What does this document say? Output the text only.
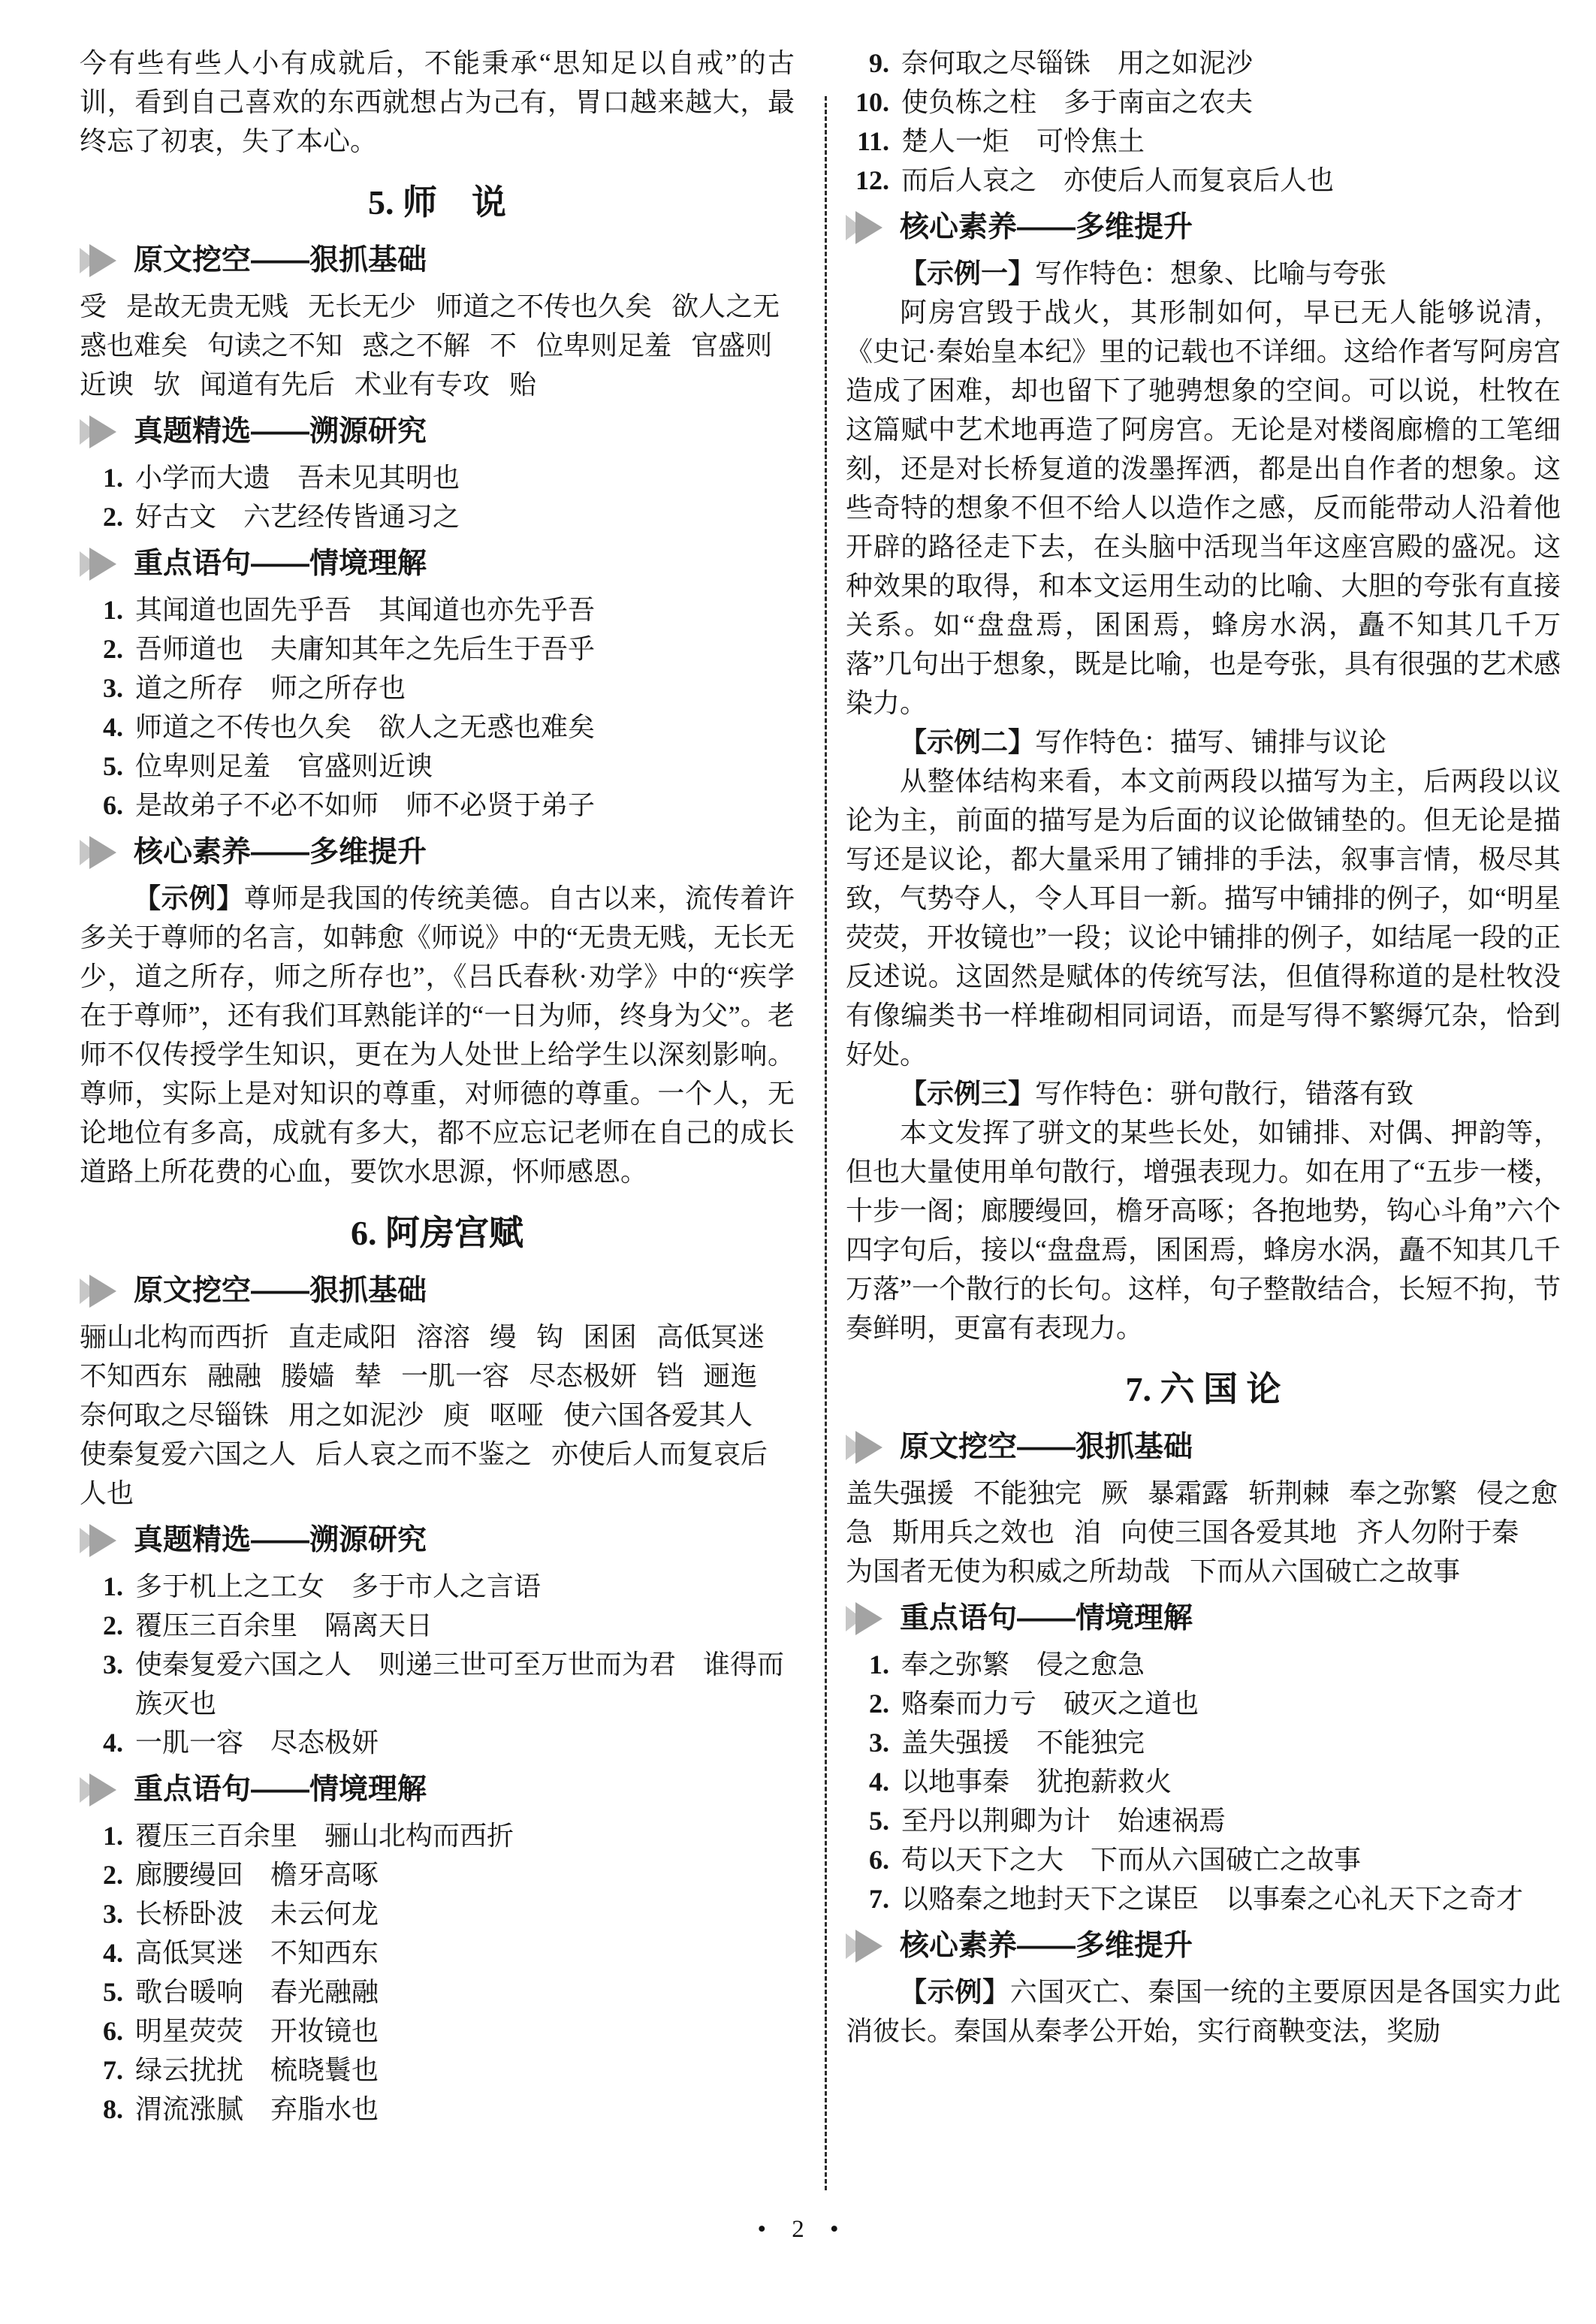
今有些有些人小有成就后，不能秉承“思知足以自戒”的古训，看到自己喜欢的东西就想占为己有，胃口越来越大，最终忘了初衷，失了本心。

5. 师　说

原文挖空——狠抓基础

受 是故无贵无贱 无长无少 师道之不传也久矣 欲人之无惑也难矣 句读之不知 惑之不解 不 位卑则足羞 官盛则近谀 欤 闻道有先后 术业有专攻 贻

真题精选——溯源研究
1. 小学而大遗　吾未见其明也
2. 好古文　六艺经传皆通习之
重点语句——情境理解
1. 其闻道也固先乎吾　其闻道也亦先乎吾
2. 吾师道也　夫庸知其年之先后生于吾乎
3. 道之所存　师之所存也
4. 师道之不传也久矣　欲人之无惑也难矣
5. 位卑则足羞　官盛则近谀
6. 是故弟子不必不如师　师不必贤于弟子
核心素养——多维提升

【示例】尊师是我国的传统美德。自古以来，流传着许多关于尊师的名言，如韩愈《师说》中的“无贵无贱，无长无少，道之所存，师之所存也”，《吕氏春秋·劝学》中的“疾学在于尊师”，还有我们耳熟能详的“一日为师，终身为父”。老师不仅传授学生知识，更在为人处世上给学生以深刻影响。尊师，实际上是对知识的尊重，对师德的尊重。一个人，无论地位有多高，成就有多大，都不应忘记老师在自己的成长道路上所花费的心血，要饮水思源，怀师感恩。

6. 阿房宫赋

原文挖空——狠抓基础

骊山北构而西折 直走咸阳 溶溶 缦 钩 囷囷 高低冥迷不知西东 融融 媵嫱 辇 一肌一容 尽态极妍 铛 逦迤奈何取之尽锱铢 用之如泥沙 庾 呕哑 使六国各爱其人使秦复爱六国之人 后人哀之而不鉴之 亦使后人而复哀后人也

真题精选——溯源研究
1. 多于机上之工女　多于市人之言语
2. 覆压三百余里　隔离天日
3. 使秦复爱六国之人　则递三世可至万世而为君　谁得而族灭也
4. 一肌一容　尽态极妍
重点语句——情境理解
1. 覆压三百余里　骊山北构而西折
2. 廊腰缦回　檐牙高啄
3. 长桥卧波　未云何龙
4. 高低冥迷　不知西东
5. 歌台暖响　春光融融
6. 明星荧荧　开妆镜也
7. 绿云扰扰　梳晓鬟也
8. 渭流涨腻　弃脂水也
9. 奈何取之尽锱铢　用之如泥沙
10. 使负栋之柱　多于南亩之农夫
11. 楚人一炬　可怜焦土
12. 而后人哀之　亦使后人而复哀后人也
核心素养——多维提升

【示例一】写作特色：想象、比喻与夸张

阿房宫毁于战火，其形制如何，早已无人能够说清，《史记·秦始皇本纪》里的记载也不详细。这给作者写阿房宫造成了困难，却也留下了驰骋想象的空间。可以说，杜牧在这篇赋中艺术地再造了阿房宫。无论是对楼阁廊檐的工笔细刻，还是对长桥复道的泼墨挥洒，都是出自作者的想象。这些奇特的想象不但不给人以造作之感，反而能带动人沿着他开辟的路径走下去，在头脑中活现当年这座宫殿的盛况。这种效果的取得，和本文运用生动的比喻、大胆的夸张有直接关系。如“盘盘焉，囷囷焉，蜂房水涡，矗不知其几千万落”几句出于想象，既是比喻，也是夸张，具有很强的艺术感染力。

【示例二】写作特色：描写、铺排与议论

从整体结构来看，本文前两段以描写为主，后两段以议论为主，前面的描写是为后面的议论做铺垫的。但无论是描写还是议论，都大量采用了铺排的手法，叙事言情，极尽其致，气势夺人，令人耳目一新。描写中铺排的例子，如“明星荧荧，开妆镜也”一段；议论中铺排的例子，如结尾一段的正反述说。这固然是赋体的传统写法，但值得称道的是杜牧没有像编类书一样堆砌相同词语，而是写得不繁缛冗杂，恰到好处。

【示例三】写作特色：骈句散行，错落有致

本文发挥了骈文的某些长处，如铺排、对偶、押韵等，但也大量使用单句散行，增强表现力。如在用了“五步一楼，十步一阁；廊腰缦回，檐牙高啄；各抱地势，钩心斗角”六个四字句后，接以“盘盘焉，囷囷焉，蜂房水涡，矗不知其几千万落”一个散行的长句。这样，句子整散结合，长短不拘，节奏鲜明，更富有表现力。

7. 六 国 论

原文挖空——狠抓基础

盖失强援 不能独完 厥 暴霜露 斩荆棘 奉之弥繁 侵之愈急 斯用兵之效也 洎 向使三国各爱其地 齐人勿附于秦为国者无使为积威之所劫哉 下而从六国破亡之故事

重点语句——情境理解
1. 奉之弥繁　侵之愈急
2. 赂秦而力亏　破灭之道也
3. 盖失强援　不能独完
4. 以地事秦　犹抱薪救火
5. 至丹以荆卿为计　始速祸焉
6. 苟以天下之大　下而从六国破亡之故事
7. 以赂秦之地封天下之谋臣　以事秦之心礼天下之奇才
核心素养——多维提升

【示例】六国灭亡、秦国一统的主要原因是各国实力此消彼长。秦国从秦孝公开始，实行商鞅变法，奖励

• 2 •
